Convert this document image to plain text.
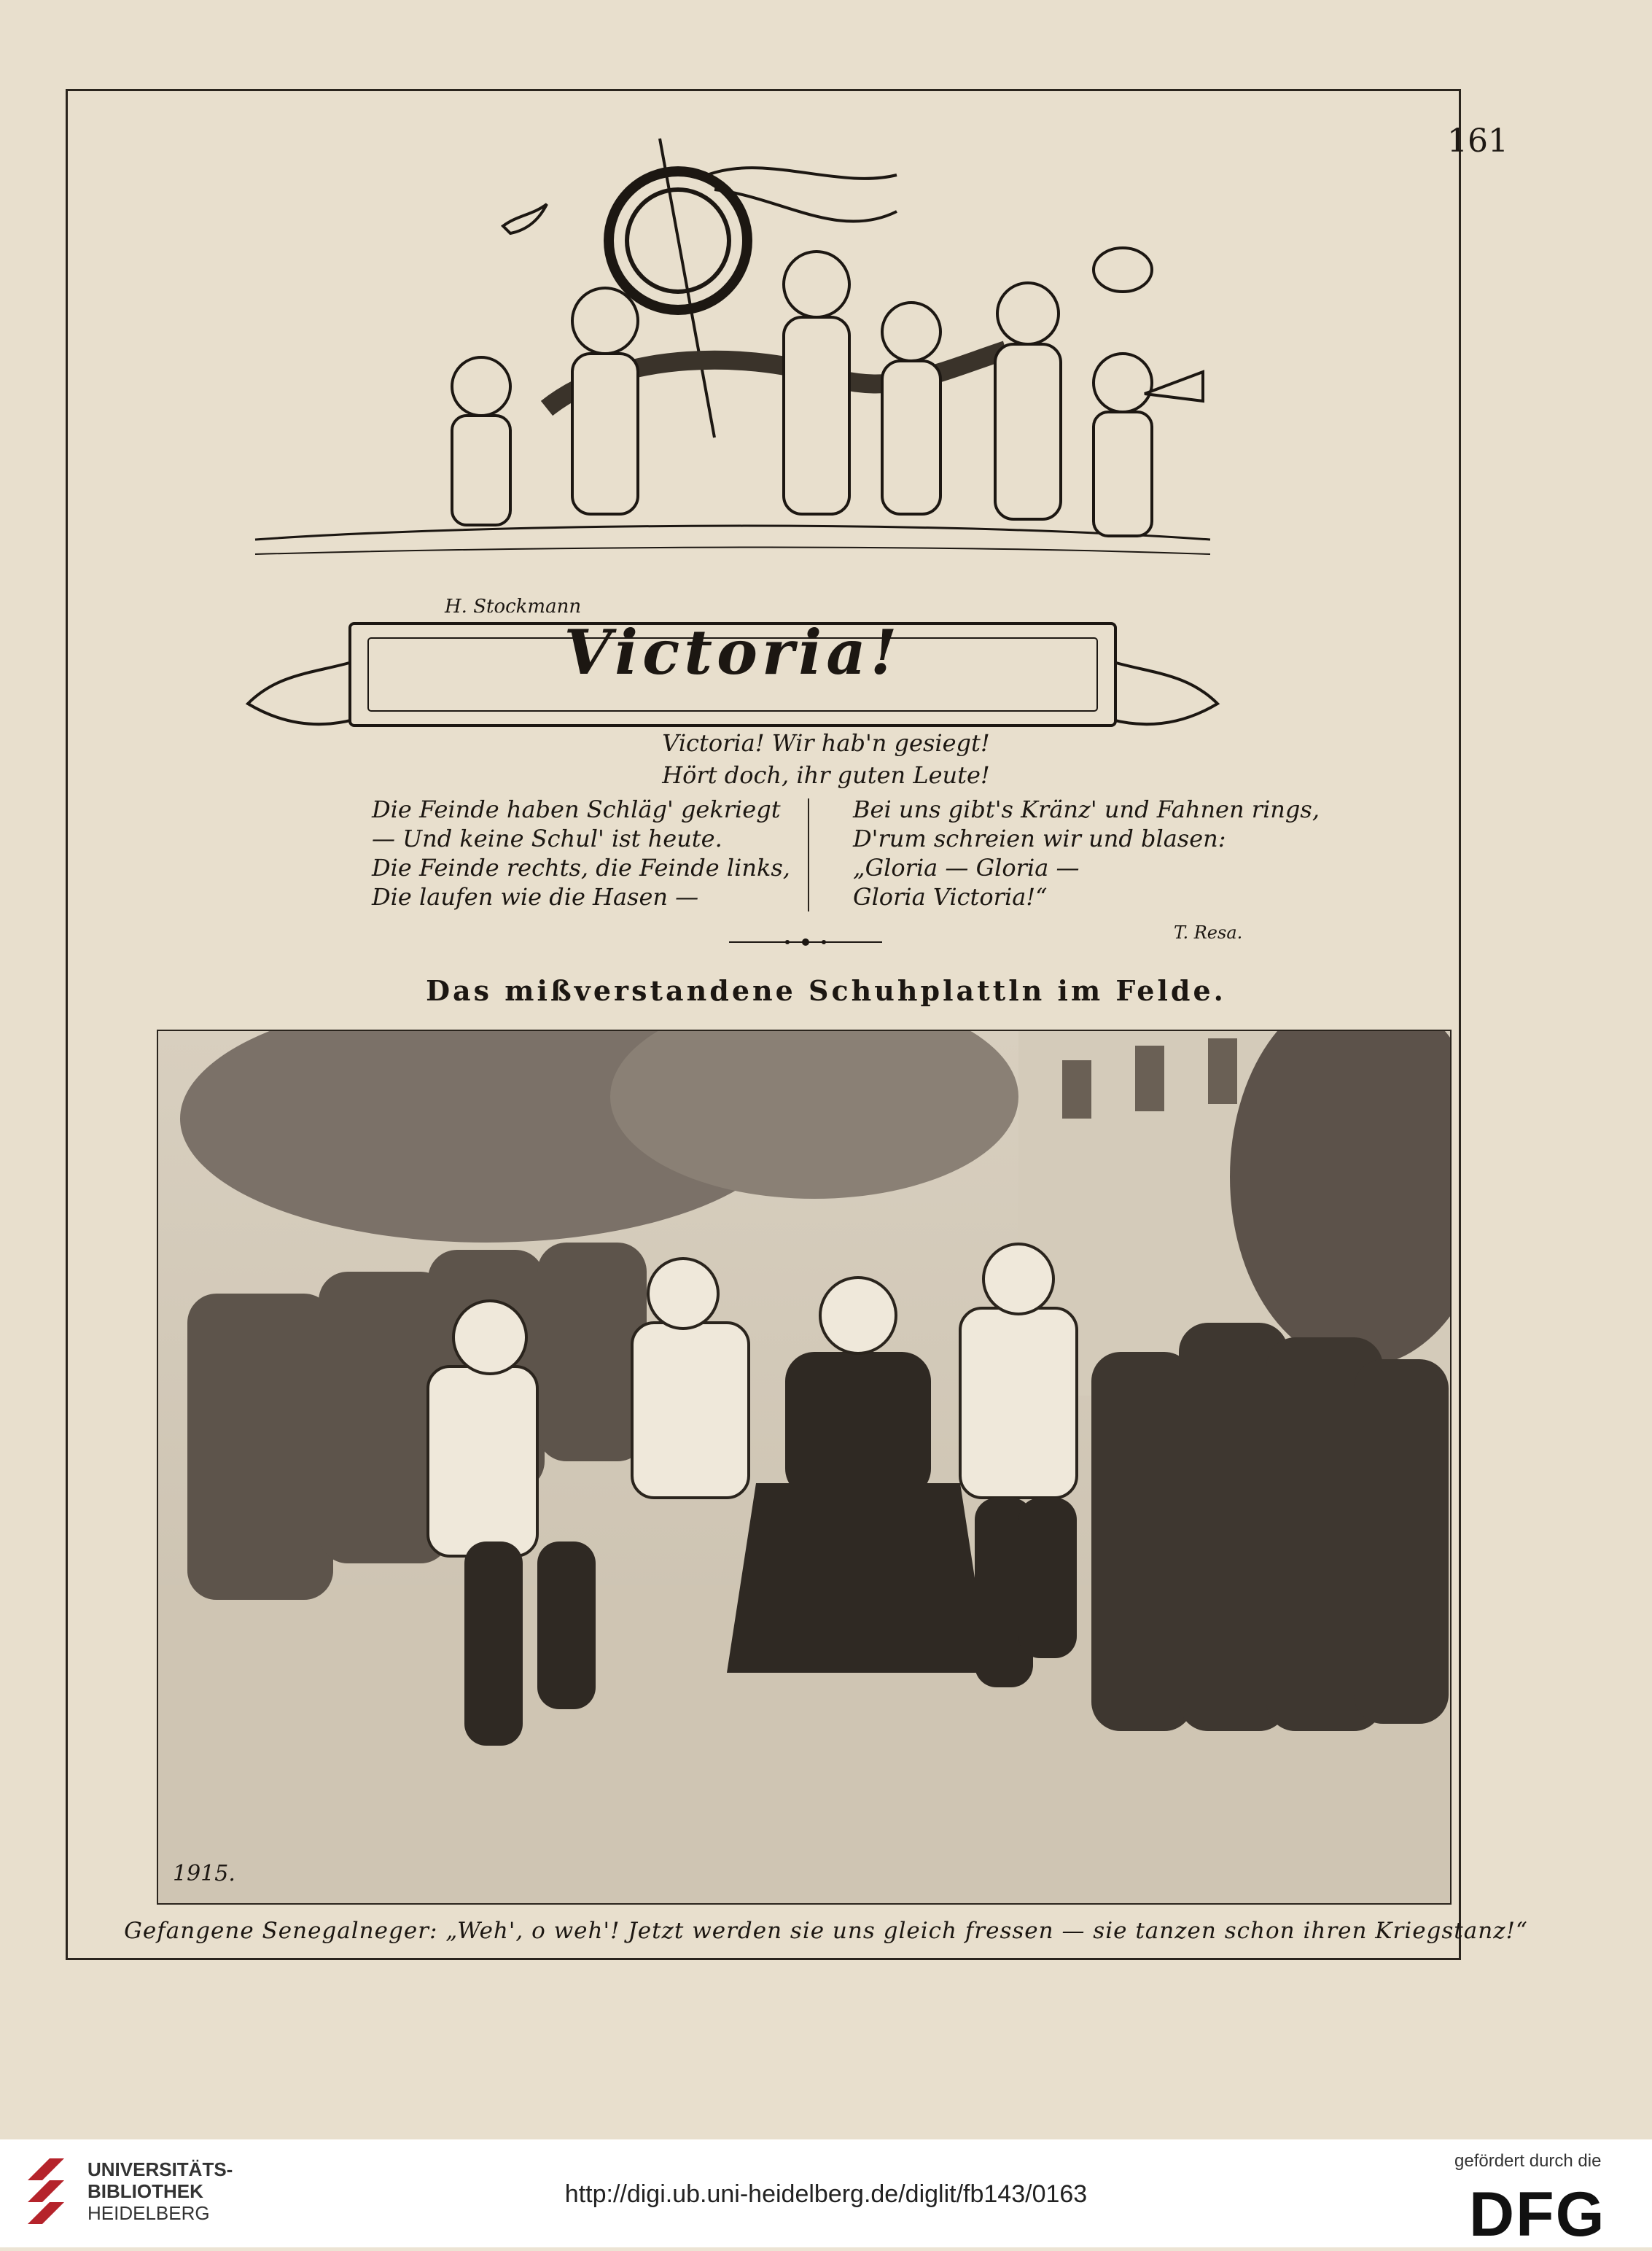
161
H. Stockmann
Victoria!
Victoria! Wir hab'n gesiegt!
Hört doch, ihr guten Leute!
Die Feinde haben Schläg' gekriegt
— Und keine Schul' ist heute.
Die Feinde rechts, die Feinde links,
Die laufen wie die Hasen —
Bei uns gibt's Kränz' und Fahnen rings,
D'rum schreien wir und blasen:
„Gloria — Gloria —
Gloria Victoria!“
T. Resa.
Das mißverstandene Schuhplattln im Felde.
1915.
Gefangene Senegalneger: „Weh', o weh'! Jetzt werden sie uns gleich fressen — sie tanzen schon ihren Kriegstanz!“
UNIVERSITÄTS-
BIBLIOTHEK
HEIDELBERG
http://digi.ub.uni-heidelberg.de/diglit/fb143/0163
gefördert durch die
DFG
